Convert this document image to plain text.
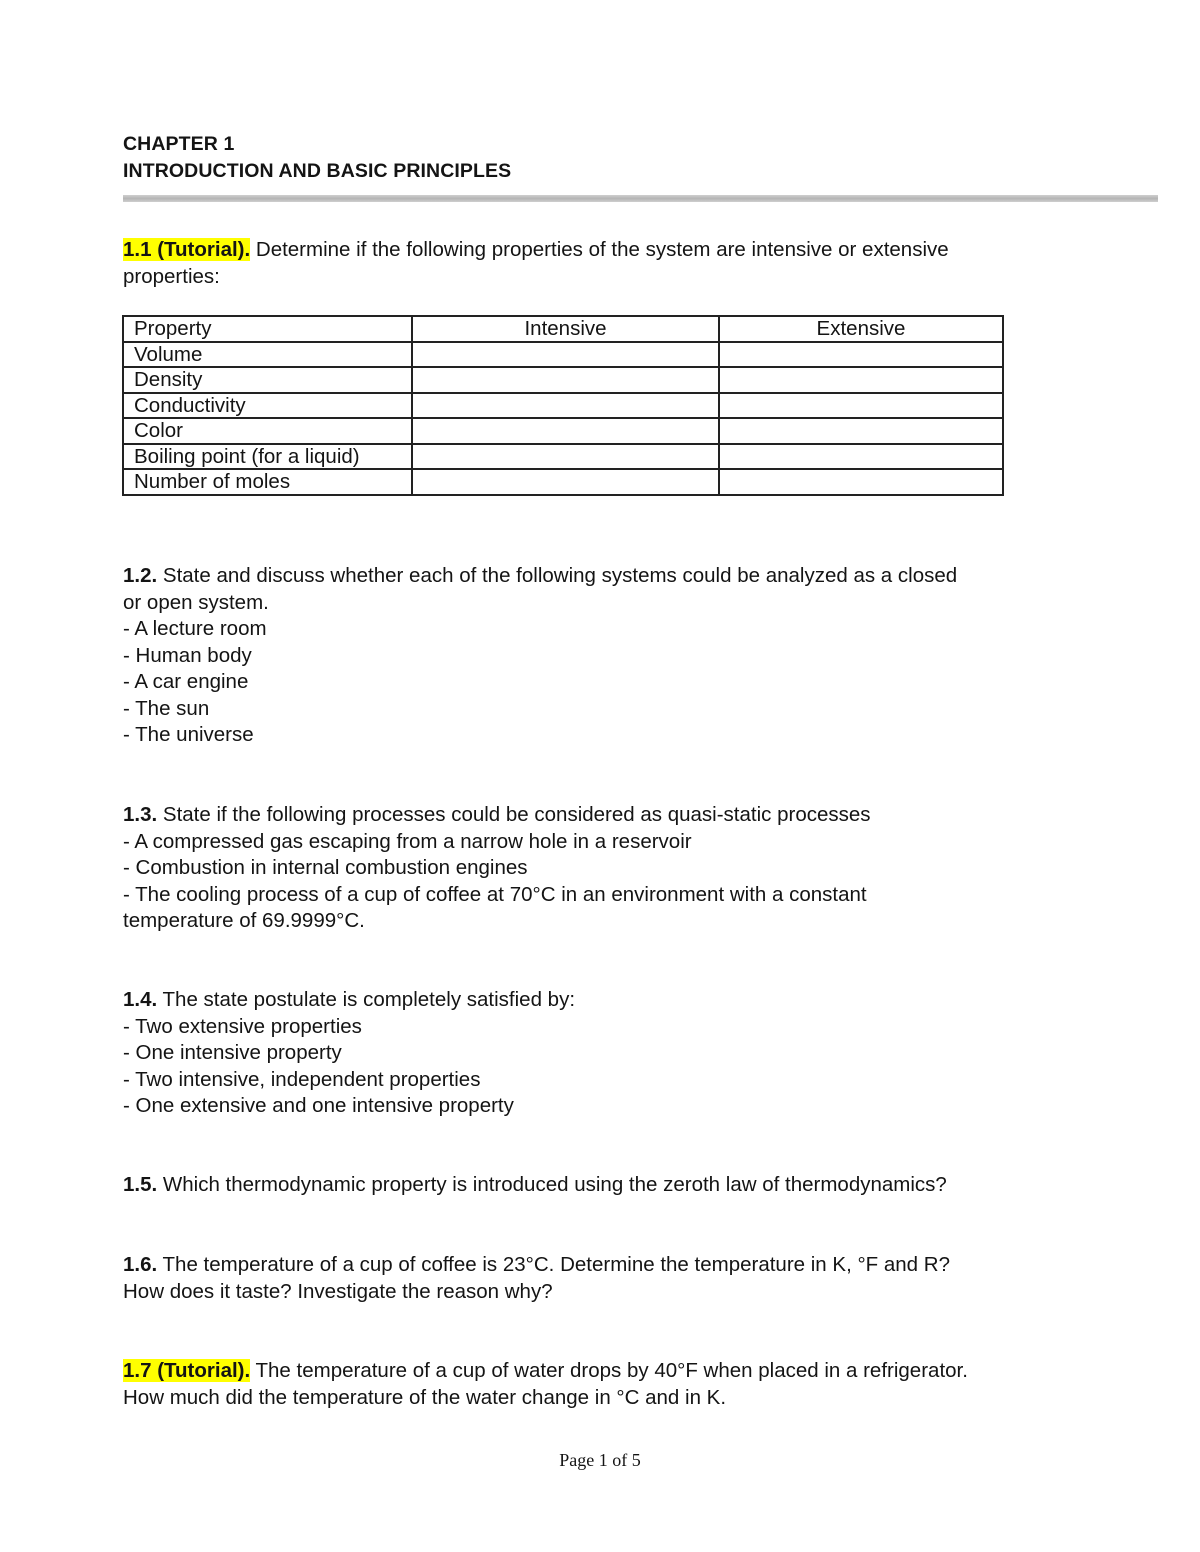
CHAPTER 1
INTRODUCTION AND BASIC PRINCIPLES
1.1 (Tutorial). Determine if the following properties of the system are intensive or extensive
properties:
Property	Intensive	Extensive
Volume		
Density		
Conductivity		
Color		
Boiling point (for a liquid)		
Number of moles		
1.2. State and discuss whether each of the following systems could be analyzed as a closed
or open system.
- A lecture room
- Human body
- A car engine
- The sun
- The universe
1.3. State if the following processes could be considered as quasi-static processes
- A compressed gas escaping from a narrow hole in a reservoir
- Combustion in internal combustion engines
- The cooling process of a cup of coffee at 70°C in an environment with a constant
temperature of 69.9999°C.
1.4. The state postulate is completely satisfied by:
- Two extensive properties
- One intensive property
- Two intensive, independent properties
- One extensive and one intensive property
1.5. Which thermodynamic property is introduced using the zeroth law of thermodynamics?
1.6. The temperature of a cup of coffee is 23°C. Determine the temperature in K, °F and R?
How does it taste? Investigate the reason why?
1.7 (Tutorial). The temperature of a cup of water drops by 40°F when placed in a refrigerator.
How much did the temperature of the water change in °C and in K.
Page 1 of 5
